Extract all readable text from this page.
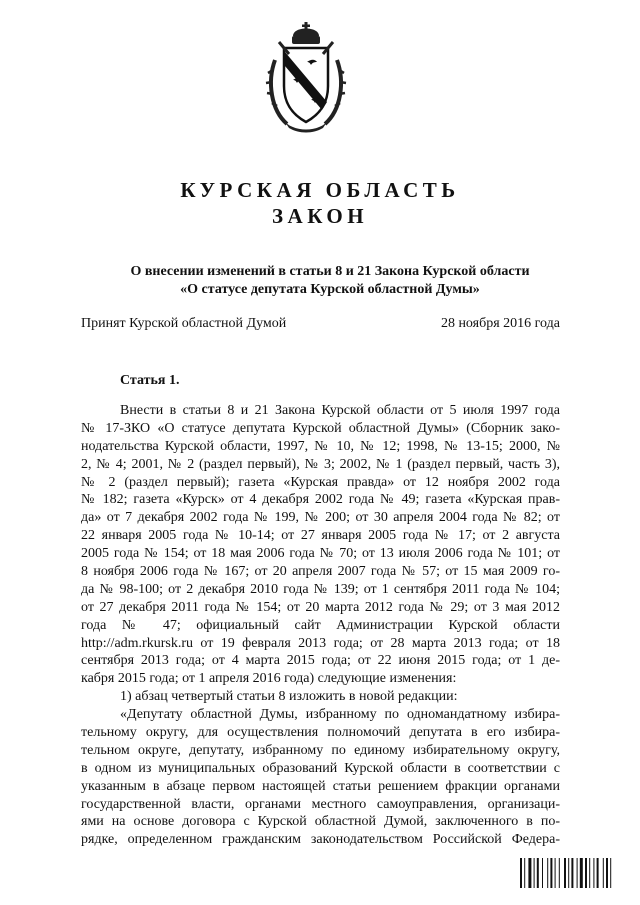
КУРСКАЯ ОБЛАСТЬ
ЗАКОН
О внесении изменений в статьи 8 и 21 Закона Курской области
«О статусе депутата Курской областной Думы»
Принят Курской областной Думой	28 ноября 2016 года
Статья 1.
Внести в статьи 8 и 21 Закона Курской области от 5 июля 1997 года
№ 17-ЗКО «О статусе депутата Курской областной Думы» (Сборник зако-
нодательства Курской области, 1997, № 10, № 12; 1998, № 13-15; 2000, №
2, № 4; 2001, № 2 (раздел первый), № 3; 2002, № 1 (раздел первый, часть 3),
№ 2 (раздел первый); газета «Курская правда» от 12 ноября 2002 года
№ 182; газета «Курск» от 4 декабря 2002 года № 49; газета «Курская прав-
да» от 7 декабря 2002 года № 199, № 200; от 30 апреля 2004 года № 82; от
22 января 2005 года № 10-14; от 27 января 2005 года № 17; от 2 августа
2005 года № 154; от 18 мая 2006 года № 70; от 13 июля 2006 года № 101; от
8 ноября 2006 года № 167; от 20 апреля 2007 года № 57; от 15 мая 2009 го-
да № 98-100; от 2 декабря 2010 года № 139; от 1 сентября 2011 года № 104;
от 27 декабря 2011 года № 154; от 20 марта 2012 года № 29; от 3 мая 2012
года № 47; официальный сайт Администрации Курской области
http://adm.rkursk.ru от 19 февраля 2013 года; от 28 марта 2013 года; от 18
сентября 2013 года; от 4 марта 2015 года; от 22 июня 2015 года; от 1 де-
кабря 2015 года; от 1 апреля 2016 года) следующие изменения:
1) абзац четвертый статьи 8 изложить в новой редакции:
«Депутату областной Думы, избранному по одномандатному избира-
тельному округу, для осуществления полномочий депутата в его избира-
тельном округе, депутату, избранному по единому избирательному округу,
в одном из муниципальных образований Курской области в соответствии с
указанным в абзаце первом настоящей статьи решением фракции органами
государственной власти, органами местного самоуправления, организаци-
ями на основе договора с Курской областной Думой, заключенного в по-
рядке, определенном гражданским законодательством Российской Федера-
